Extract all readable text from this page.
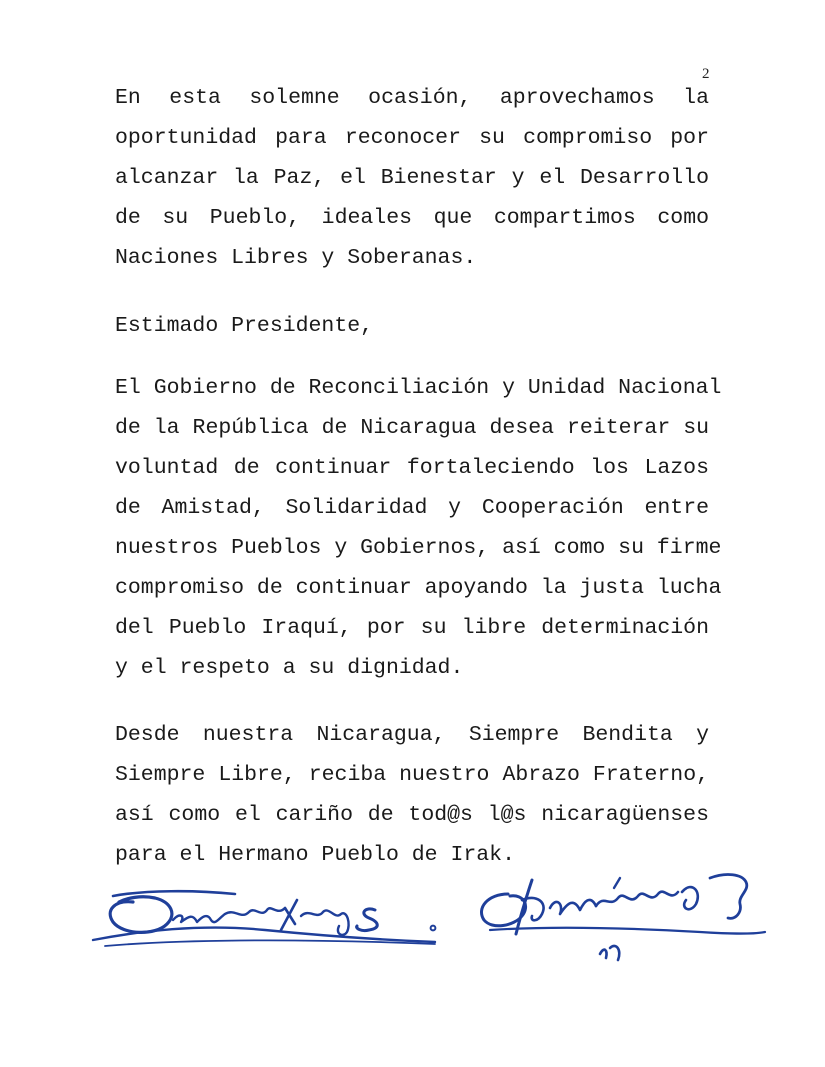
2
En esta solemne ocasión, aprovechamos la
oportunidad para reconocer su compromiso por
alcanzar la Paz, el Bienestar y el Desarrollo
de su Pueblo, ideales que compartimos como
Naciones Libres y Soberanas.
Estimado Presidente,
El Gobierno de Reconciliación y Unidad Nacional
de la República de Nicaragua desea reiterar su
voluntad de continuar fortaleciendo los Lazos
de Amistad, Solidaridad y Cooperación entre
nuestros Pueblos y Gobiernos, así como su firme
compromiso de continuar apoyando la justa lucha
del Pueblo Iraquí, por su libre determinación
y el respeto a su dignidad.
Desde nuestra Nicaragua, Siempre Bendita y
Siempre Libre, reciba nuestro Abrazo Fraterno,
así como el cariño de tod@s l@s nicaragüenses
para el Hermano Pueblo de Irak.
